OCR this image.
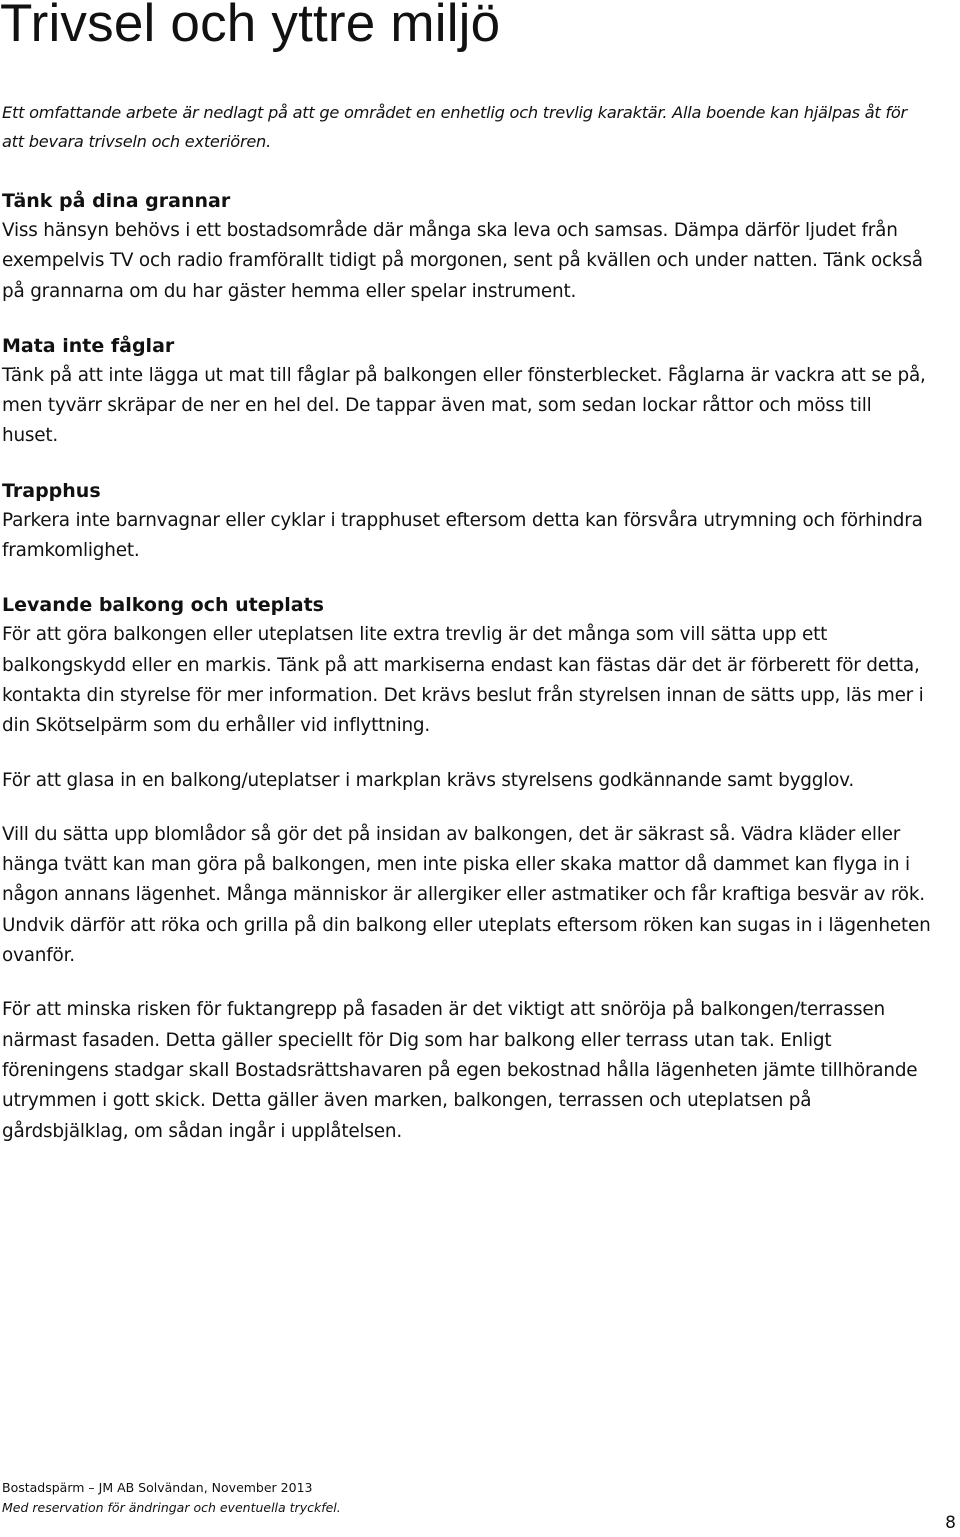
Trivsel och yttre miljö

Ett omfattande arbete är nedlagt på att ge området en enhetlig och trevlig karaktär. Alla boende kan hjälpas åt för att bevara trivseln och exteriören.

Tänk på dina grannar

Viss hänsyn behövs i ett bostadsområde där många ska leva och samsas. Dämpa därför ljudet från exempelvis TV och radio framförallt tidigt på morgonen, sent på kvällen och under natten. Tänk också på grannarna om du har gäster hemma eller spelar instrument.

Mata inte fåglar

Tänk på att inte lägga ut mat till fåglar på balkongen eller fönsterblecket. Fåglarna är vackra att se på, men tyvärr skräpar de ner en hel del. De tappar även mat, som sedan lockar råttor och möss till huset.

Trapphus

Parkera inte barnvagnar eller cyklar i trapphuset eftersom detta kan försvåra utrymning och förhindra framkomlighet.

Levande balkong och uteplats

För att göra balkongen eller uteplatsen lite extra trevlig är det många som vill sätta upp ett balkongskydd eller en markis. Tänk på att markiserna endast kan fästas där det är förberett för detta, kontakta din styrelse för mer information. Det krävs beslut från styrelsen innan de sätts upp, läs mer i din Skötselpärm som du erhåller vid inflyttning.

För att glasa in en balkong/uteplatser i markplan krävs styrelsens godkännande samt bygglov.

Vill du sätta upp blomlådor så gör det på insidan av balkongen, det är säkrast så. Vädra kläder eller hänga tvätt kan man göra på balkongen, men inte piska eller skaka mattor då dammet kan flyga in i någon annans lägenhet. Många människor är allergiker eller astmatiker och får kraftiga besvär av rök. Undvik därför att röka och grilla på din balkong eller uteplats eftersom röken kan sugas in i lägenheten ovanför.

För att minska risken för fuktangrepp på fasaden är det viktigt att snöröja på balkongen/terrassen närmast fasaden. Detta gäller speciellt för Dig som har balkong eller terrass utan tak. Enligt föreningens stadgar skall Bostadsrättshavaren på egen bekostnad hålla lägenheten jämte tillhörande utrymmen i gott skick. Detta gäller även marken, balkongen, terrassen och uteplatsen på gårdsbjälklag, om sådan ingår i upplåtelsen.

Bostadspärm – JM AB Solvändan, November 2013
Med reservation för ändringar och eventuella tryckfel.
8
